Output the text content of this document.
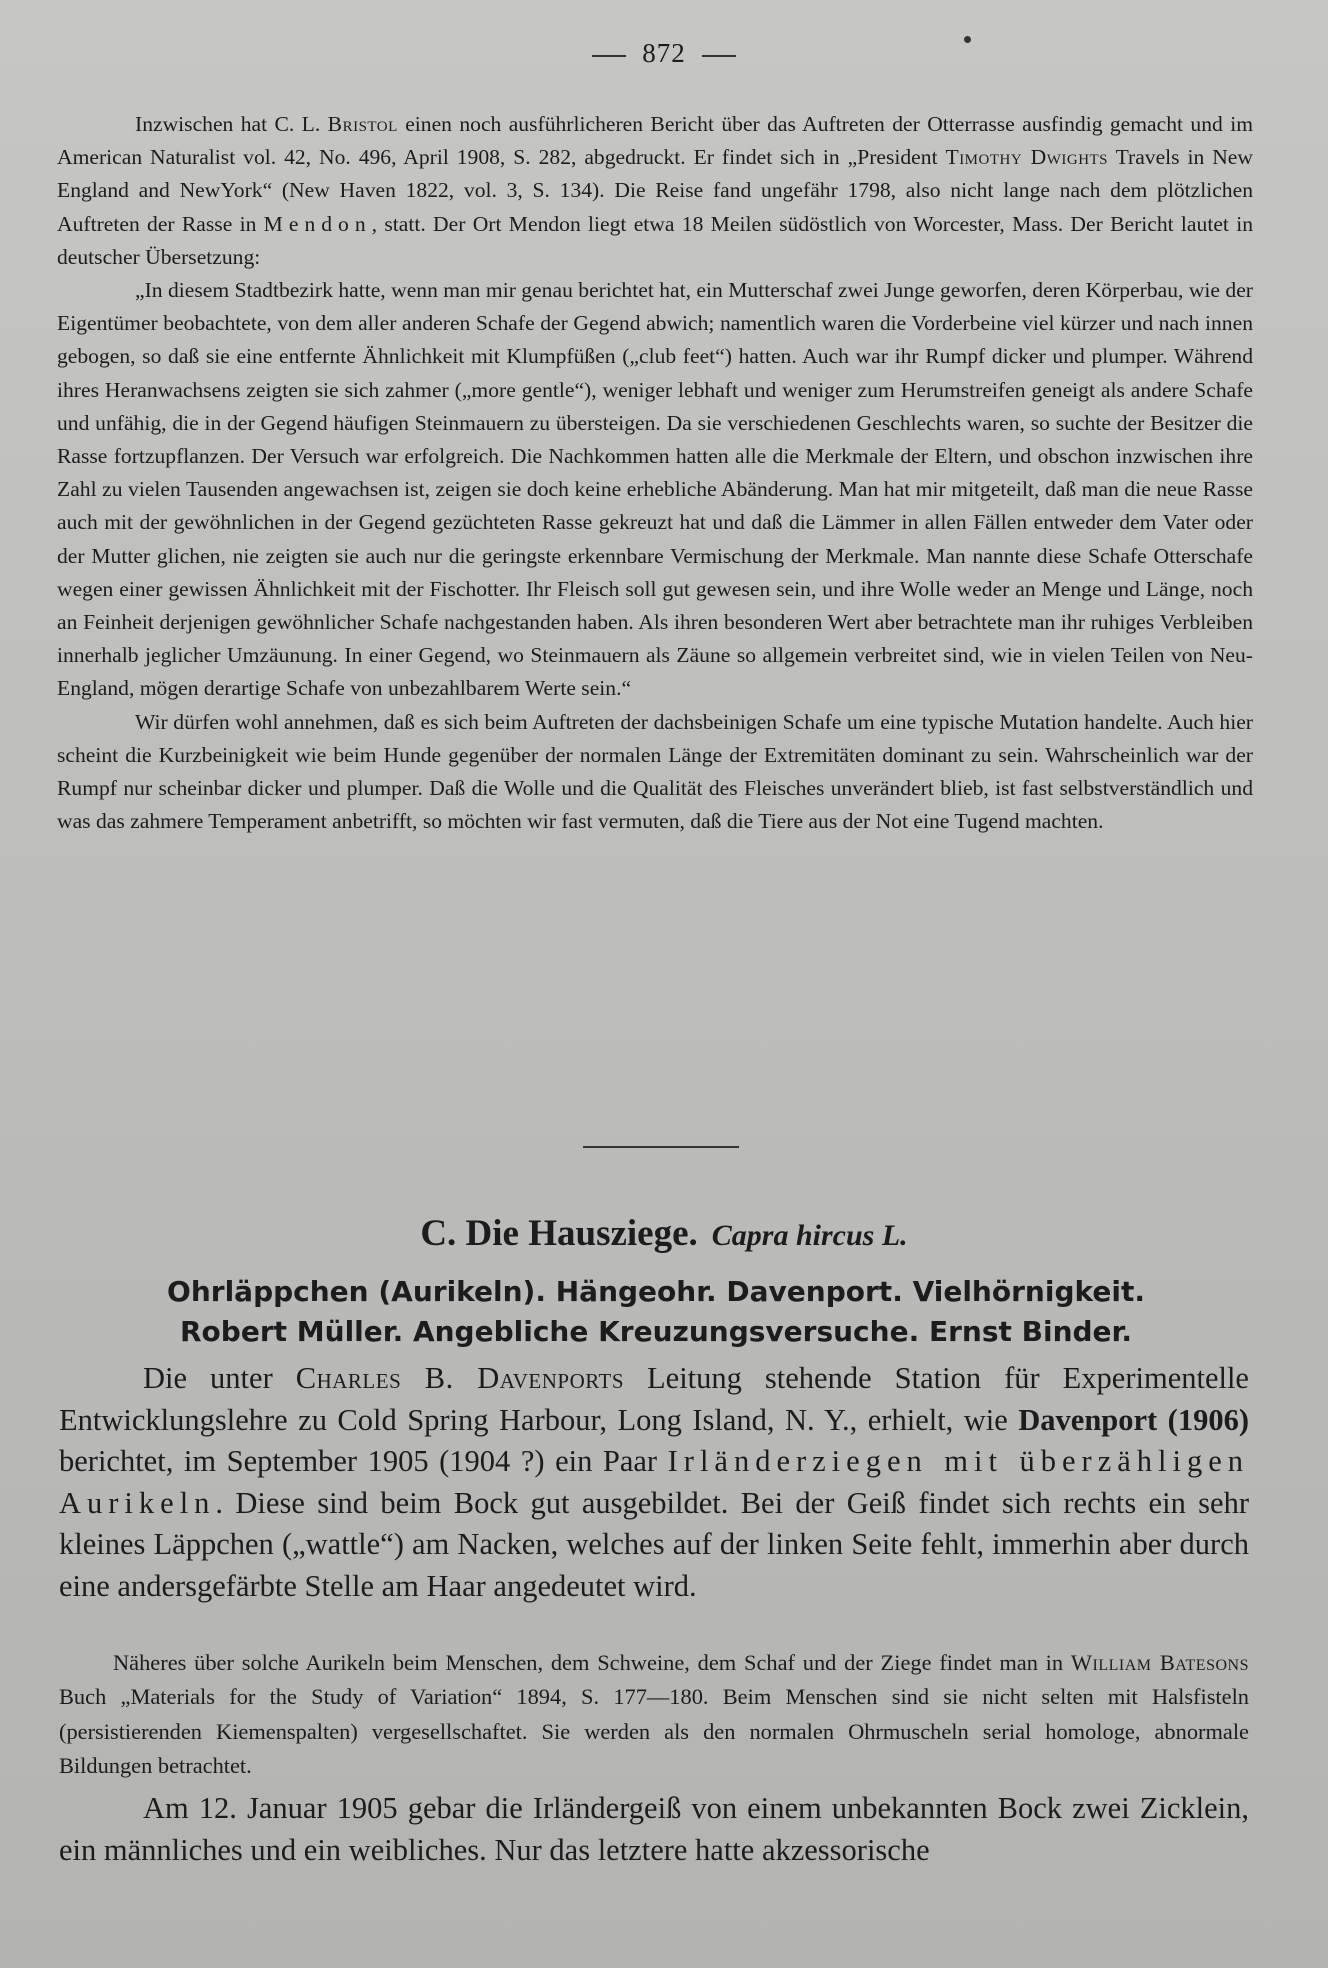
872

Inzwischen hat C. L. Bristol einen noch ausführlicheren Bericht über das Auftreten der Otterrasse ausfindig gemacht und im American Naturalist vol. 42, No. 496, April 1908, S. 282, abgedruckt. Er findet sich in „President Timothy Dwights Travels in New England and NewYork“ (New Haven 1822, vol. 3, S. 134). Die Reise fand ungefähr 1798, also nicht lange nach dem plötzlichen Auftreten der Rasse in Mendon, statt. Der Ort Mendon liegt etwa 18 Meilen südöstlich von Worcester, Mass. Der Bericht lautet in deutscher Übersetzung:

„In diesem Stadtbezirk hatte, wenn man mir genau berichtet hat, ein Mutterschaf zwei Junge geworfen, deren Körperbau, wie der Eigentümer beobachtete, von dem aller anderen Schafe der Gegend abwich; namentlich waren die Vorderbeine viel kürzer und nach innen gebogen, so daß sie eine entfernte Ähnlichkeit mit Klumpfüßen („club feet“) hatten. Auch war ihr Rumpf dicker und plumper. Während ihres Heranwachsens zeigten sie sich zahmer („more gentle“), weniger lebhaft und weniger zum Herumstreifen geneigt als andere Schafe und unfähig, die in der Gegend häufigen Steinmauern zu übersteigen. Da sie verschiedenen Geschlechts waren, so suchte der Besitzer die Rasse fortzupflanzen. Der Versuch war erfolgreich. Die Nachkommen hatten alle die Merkmale der Eltern, und obschon inzwischen ihre Zahl zu vielen Tausenden angewachsen ist, zeigen sie doch keine erhebliche Abänderung. Man hat mir mitgeteilt, daß man die neue Rasse auch mit der gewöhnlichen in der Gegend gezüchteten Rasse gekreuzt hat und daß die Lämmer in allen Fällen entweder dem Vater oder der Mutter glichen, nie zeigten sie auch nur die geringste erkennbare Vermischung der Merkmale. Man nannte diese Schafe Otterschafe wegen einer gewissen Ähnlichkeit mit der Fischotter. Ihr Fleisch soll gut gewesen sein, und ihre Wolle weder an Menge und Länge, noch an Feinheit derjenigen gewöhnlicher Schafe nachgestanden haben. Als ihren besonderen Wert aber betrachtete man ihr ruhiges Verbleiben innerhalb jeglicher Umzäunung. In einer Gegend, wo Steinmauern als Zäune so allgemein verbreitet sind, wie in vielen Teilen von Neu-England, mögen derartige Schafe von unbezahlbarem Werte sein.“

Wir dürfen wohl annehmen, daß es sich beim Auftreten der dachsbeinigen Schafe um eine typische Mutation handelte. Auch hier scheint die Kurzbeinigkeit wie beim Hunde gegenüber der normalen Länge der Extremitäten dominant zu sein. Wahrscheinlich war der Rumpf nur scheinbar dicker und plumper. Daß die Wolle und die Qualität des Fleisches unverändert blieb, ist fast selbstverständlich und was das zahmere Temperament anbetrifft, so möchten wir fast vermuten, daß die Tiere aus der Not eine Tugend machten.

C. Die Hausziege. Capra hircus L.
Ohrläppchen (Aurikeln). Hängeohr. Davenport. Vielhörnigkeit.
Robert Müller. Angebliche Kreuzungsversuche. Ernst Binder.

Die unter Charles B. Davenports Leitung stehende Station für Experimentelle Entwicklungslehre zu Cold Spring Harbour, Long Island, N. Y., erhielt, wie Davenport (1906) berichtet, im September 1905 (1904 ?) ein Paar Irländerziegen mit überzähligen Aurikeln. Diese sind beim Bock gut ausgebildet. Bei der Geiß findet sich rechts ein sehr kleines Läppchen („wattle“) am Nacken, welches auf der linken Seite fehlt, immerhin aber durch eine andersgefärbte Stelle am Haar angedeutet wird.

Näheres über solche Aurikeln beim Menschen, dem Schweine, dem Schaf und der Ziege findet man in William Batesons Buch „Materials for the Study of Variation“ 1894, S. 177—180. Beim Menschen sind sie nicht selten mit Halsfisteln (persistierenden Kiemenspalten) vergesellschaftet. Sie werden als den normalen Ohrmuscheln serial homologe, abnormale Bildungen betrachtet.

Am 12. Januar 1905 gebar die Irländergeiß von einem unbekannten Bock zwei Zicklein, ein männliches und ein weibliches. Nur das letztere hatte akzessorische
